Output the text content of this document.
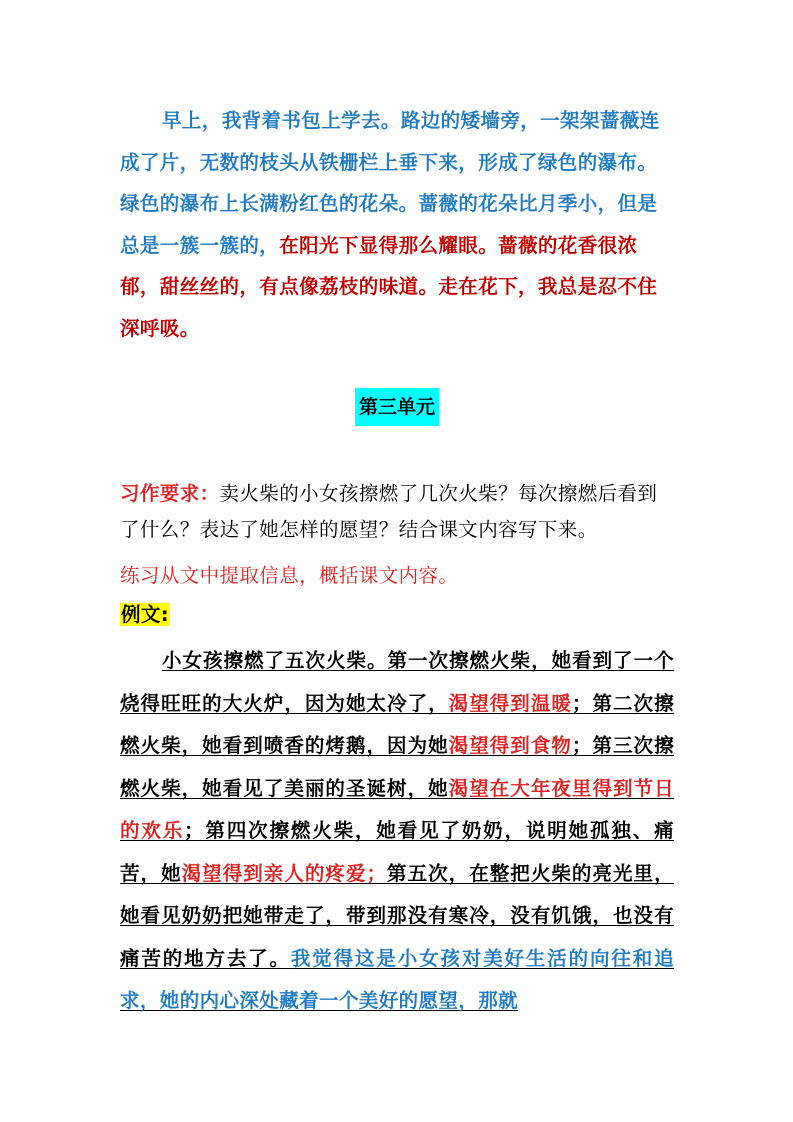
早上，我背着书包上学去。路边的矮墙旁，一架架蔷薇连成了片，无数的枝头从铁栅栏上垂下来，形成了绿色的瀑布。绿色的瀑布上长满粉红色的花朵。蔷薇的花朵比月季小，但是总是一簇一簇的，在阳光下显得那么耀眼。蔷薇的花香很浓郁，甜丝丝的，有点像荔枝的味道。走在花下，我总是忍不住深呼吸。

第三单元

习作要求：卖火柴的小女孩擦燃了几次火柴？每次擦燃后看到了什么？表达了她怎样的愿望？结合课文内容写下来。

练习从文中提取信息，概括课文内容。

例文:

小女孩擦燃了五次火柴。第一次擦燃火柴，她看到了一个烧得旺旺的大火炉，因为她太冷了，渴望得到温暖；第二次擦燃火柴，她看到喷香的烤鹅，因为她渴望得到食物；第三次擦燃火柴，她看见了美丽的圣诞树，她渴望在大年夜里得到节日的欢乐；第四次擦燃火柴，她看见了奶奶，说明她孤独、痛苦，她渴望得到亲人的疼爱；第五次，在整把火柴的亮光里，她看见奶奶把她带走了，带到那没有寒冷，没有饥饿，也没有痛苦的地方去了。我觉得这是小女孩对美好生活的向往和追求，她的内心深处藏着一个美好的愿望，那就
